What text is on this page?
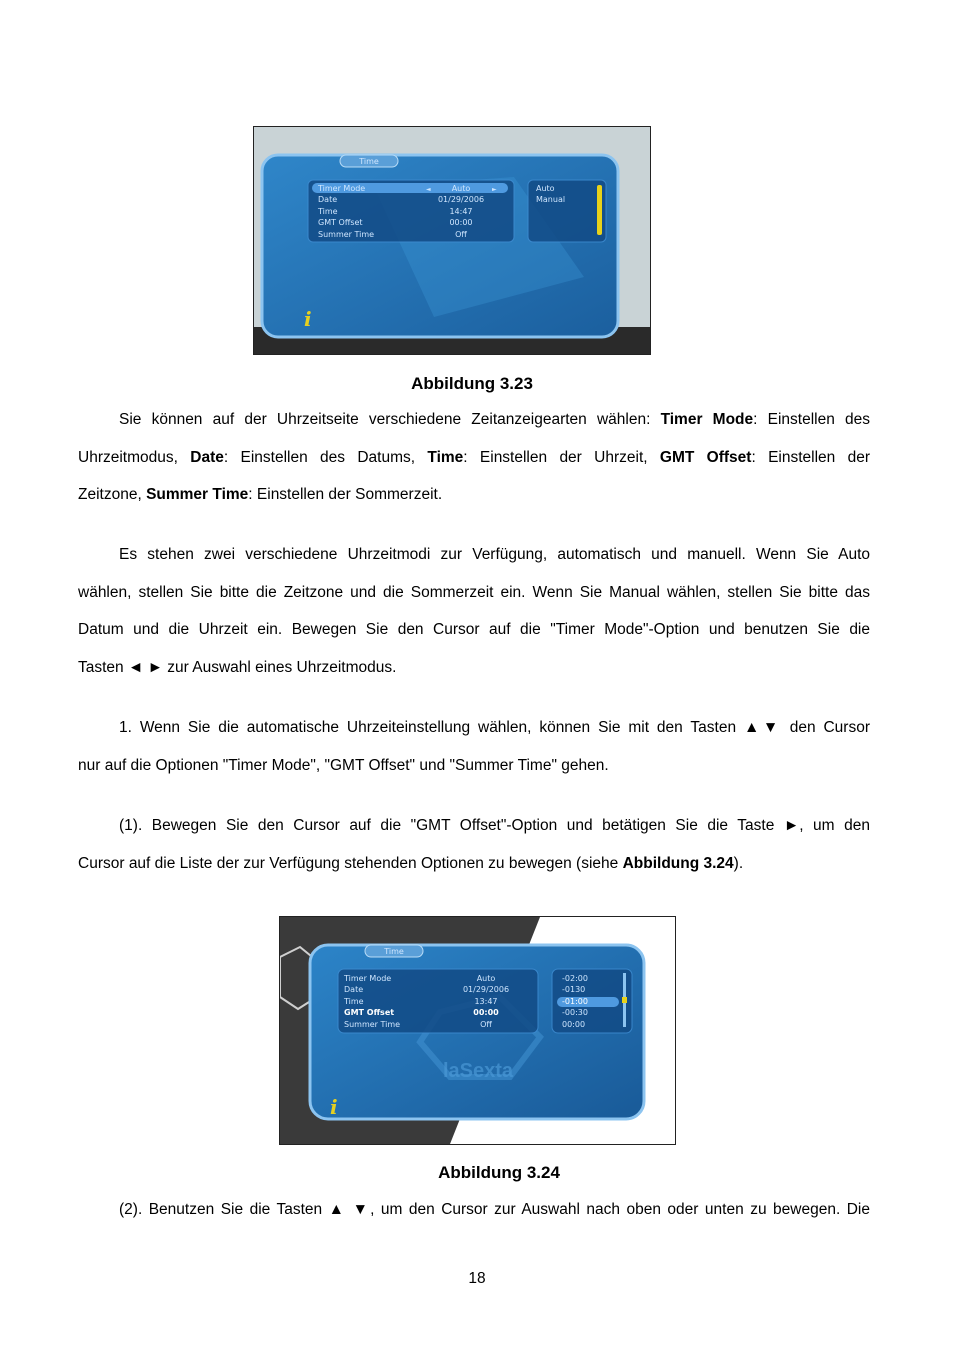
Time
Timer Mode
Date
Time
GMT Offset
Summer Time
◄	►
Auto
01/29/2006
14:47
00:00
Off
Auto
Manual
i
Abbildung 3.23
Sie können auf der Uhrzeitseite verschiedene Zeitanzeigearten wählen: Timer Mode: Einstellen des
Uhrzeitmodus, Date: Einstellen des Datums, Time: Einstellen der Uhrzeit, GMT Offset: Einstellen der
Zeitzone, Summer Time: Einstellen der Sommerzeit.
Es stehen zwei verschiedene Uhrzeitmodi zur Verfügung, automatisch und manuell. Wenn Sie Auto
wählen, stellen Sie bitte die Zeitzone und die Sommerzeit ein. Wenn Sie Manual wählen, stellen Sie bitte das
Datum und die Uhrzeit ein. Bewegen Sie den Cursor auf die "Timer Mode"-Option und benutzen Sie die
Tasten ◄ ► zur Auswahl eines Uhrzeitmodus.
1. Wenn Sie die automatische Uhrzeiteinstellung wählen, können Sie mit den Tasten ▲▼ den Cursor
nur auf die Optionen "Timer Mode", "GMT Offset" und "Summer Time" gehen.
(1). Bewegen Sie den Cursor auf die "GMT Offset"-Option und betätigen Sie die Taste ►, um den
Cursor auf die Liste der zur Verfügung stehenden Optionen zu bewegen (siehe Abbildung 3.24).
laSexta
Time
Timer Mode
Date
Time
GMT Offset
Summer Time
Auto
01/29/2006
13:47
00:00
Off
-02:00
-0130
-01:00
-00:30
00:00
i
Abbildung 3.24
(2). Benutzen Sie die Tasten ▲ ▼, um den Cursor zur Auswahl nach oben oder unten zu bewegen. Die
18
